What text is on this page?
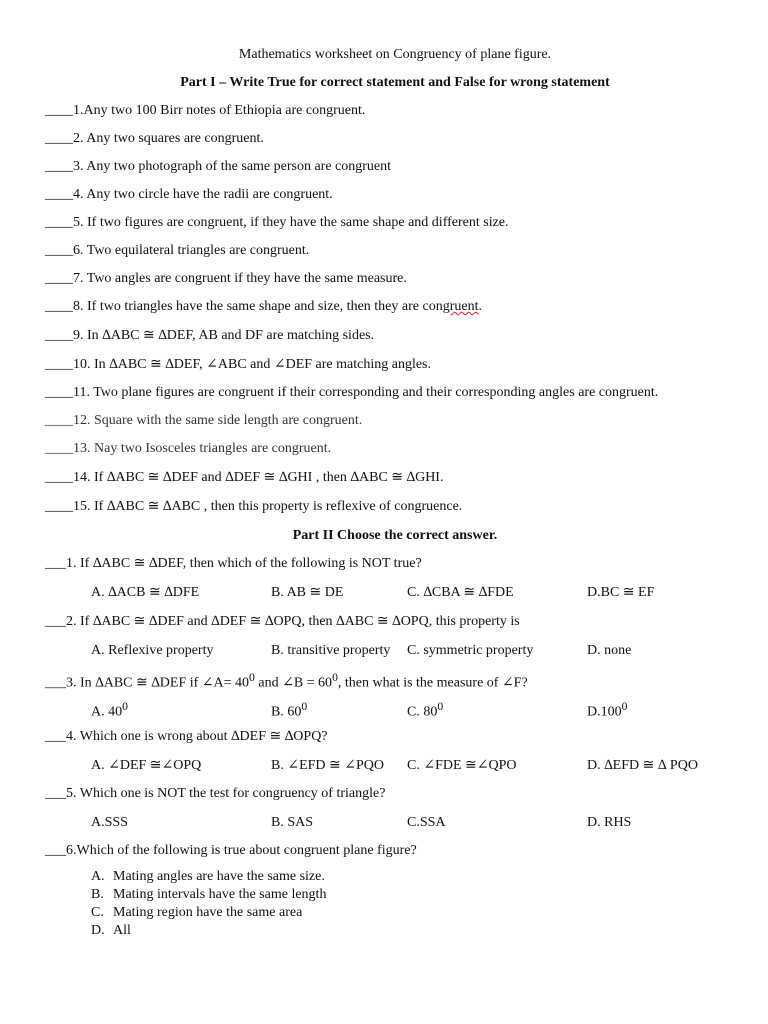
Mathematics worksheet on Congruency of plane figure.
Part I – Write True for correct statement and False for wrong statement
____1.Any two 100 Birr notes of Ethiopia are congruent.
____2. Any two squares are congruent.
____3. Any two photograph of the same person are congruent
____4. Any two circle have the radii are congruent.
____5. If two figures are congruent, if they have the same shape and different size.
____6. Two equilateral triangles are congruent.
____7. Two angles are congruent if they have the same measure.
____8. If two triangles have the same shape and size, then they are congruent.
____9. In ∆ABC ≅ ∆DEF, AB and DF are matching sides.
____10. In ∆ABC ≅ ∆DEF, ∠ABC and ∠DEF are matching angles.
____11. Two plane figures are congruent if their corresponding and their corresponding angles are congruent.
____12. Square with the same side length are congruent.
____13. Nay two Isosceles triangles are congruent.
____14. If ∆ABC ≅ ∆DEF and ∆DEF ≅ ∆GHI , then ∆ABC ≅ ∆GHI.
____15. If ∆ABC ≅ ∆ABC , then this property is reflexive of congruence.
Part II Choose the correct answer.
___1. If ∆ABC ≅ ∆DEF, then which of the following is NOT true?
A. ∆ACB ≅ ∆DFE	B. AB ≅ DE	C. ∆CBA ≅ ∆FDE	D.BC ≅ EF
___2. If ∆ABC ≅ ∆DEF and ∆DEF ≅ ∆OPQ, then ∆ABC ≅ ∆OPQ, this property is
A. Reflexive property	B. transitive property C. symmetric property	D. none
___3. In ∆ABC ≅ ∆DEF if ∠A= $40^0$ and ∠B = $60^0$, then what is the measure of ∠F?
A. $40^0$	B. $60^0$	C. $80^0$	D.100$^0$
___4. Which one is wrong about ∆DEF ≅ ∆OPQ?
A. ∠DEF ≅∠OPQ	B. ∠EFD ≅ ∠PQO C. ∠FDE ≅∠QPO	D. ∆EFD ≅ ∆ PQO
___5. Which one is NOT the test for congruency of triangle?
A.SSS	B. SAS	C.SSA	D. RHS
___6.Which of the following is true about congruent plane figure?
A. Mating angles are have the same size.
B. Mating intervals have the same length
C. Mating region have the same area
D. All
